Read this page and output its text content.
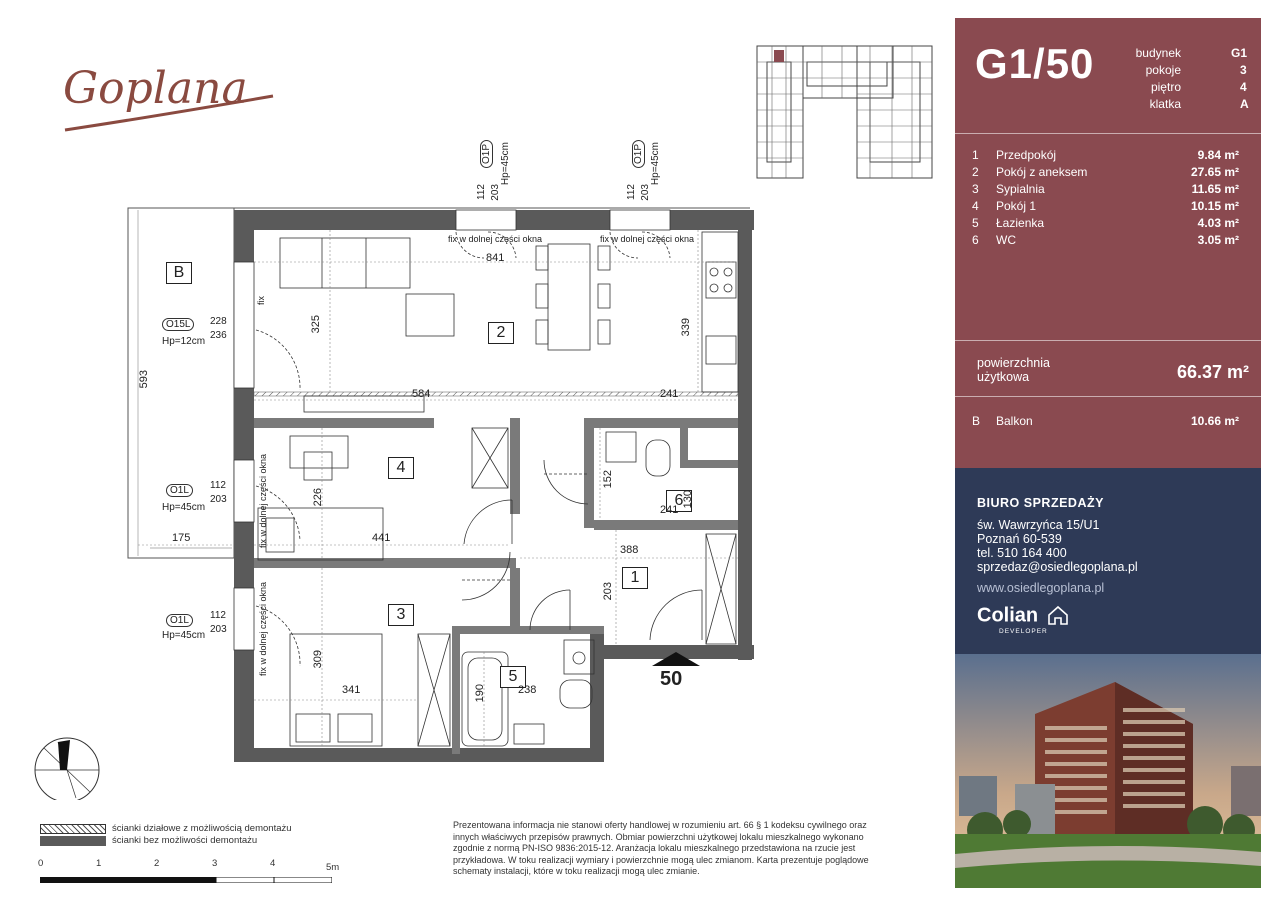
Goplana
2
4
1
3
5
6
B
50
841
325	339
584	241
593
226
441
152
130
241
388
203
175
309
341	190	238
O15L	228
236
Hp=12cm
O1L	112
203
Hp=45cm
O1L	112
203
Hp=45cm
O1P
112 203
Hp=45cm	O1P
112 203
Hp=45cm
fix w dolnej części okna	fix w dolnej części okna
fix w dolnej części okna
fix w dolnej części okna
fix
ścianki działowe z możliwością demontażu
ścianki bez możliwości demontażu
0	1	2	3	4	5m
Prezentowana informacja nie stanowi oferty handlowej w rozumieniu art. 66 § 1 kodeksu cywilnego oraz innych właściwych przepisów prawnych. Obmiar powierzchni użytkowej lokalu mieszkalnego wykonano zgodnie z normą PN-ISO 9836:2015-12. Aranżacja lokalu mieszkalnego przedstawiona na rzucie jest przykładowa. W toku realizacji wymiary i powierzchnie mogą ulec zmianom. Karta prezentuje poglądowe schematy instalacji, które w toku realizacji mogą ulec zmianie.
G1/50	budynek	G1
pokoje	3
piętro	4
klatka	A
1 Przedpokój	9.84 m²
2 Pokój z aneksem	27.65 m²
3 Sypialnia	11.65 m²
4 Pokój 1	10.15 m²
5 Łazienka	4.03 m²
6 WC	3.05 m²
powierzchnia użytkowa	66.37 m²
B Balkon	10.66 m²
BIURO SPRZEDAŻY
św. Wawrzyńca 15/U1
Poznań 60-539
tel. 510 164 400
sprzedaz@osiedlegoplana.pl
www.osiedlegoplana.pl
Colian
DEVELOPER
